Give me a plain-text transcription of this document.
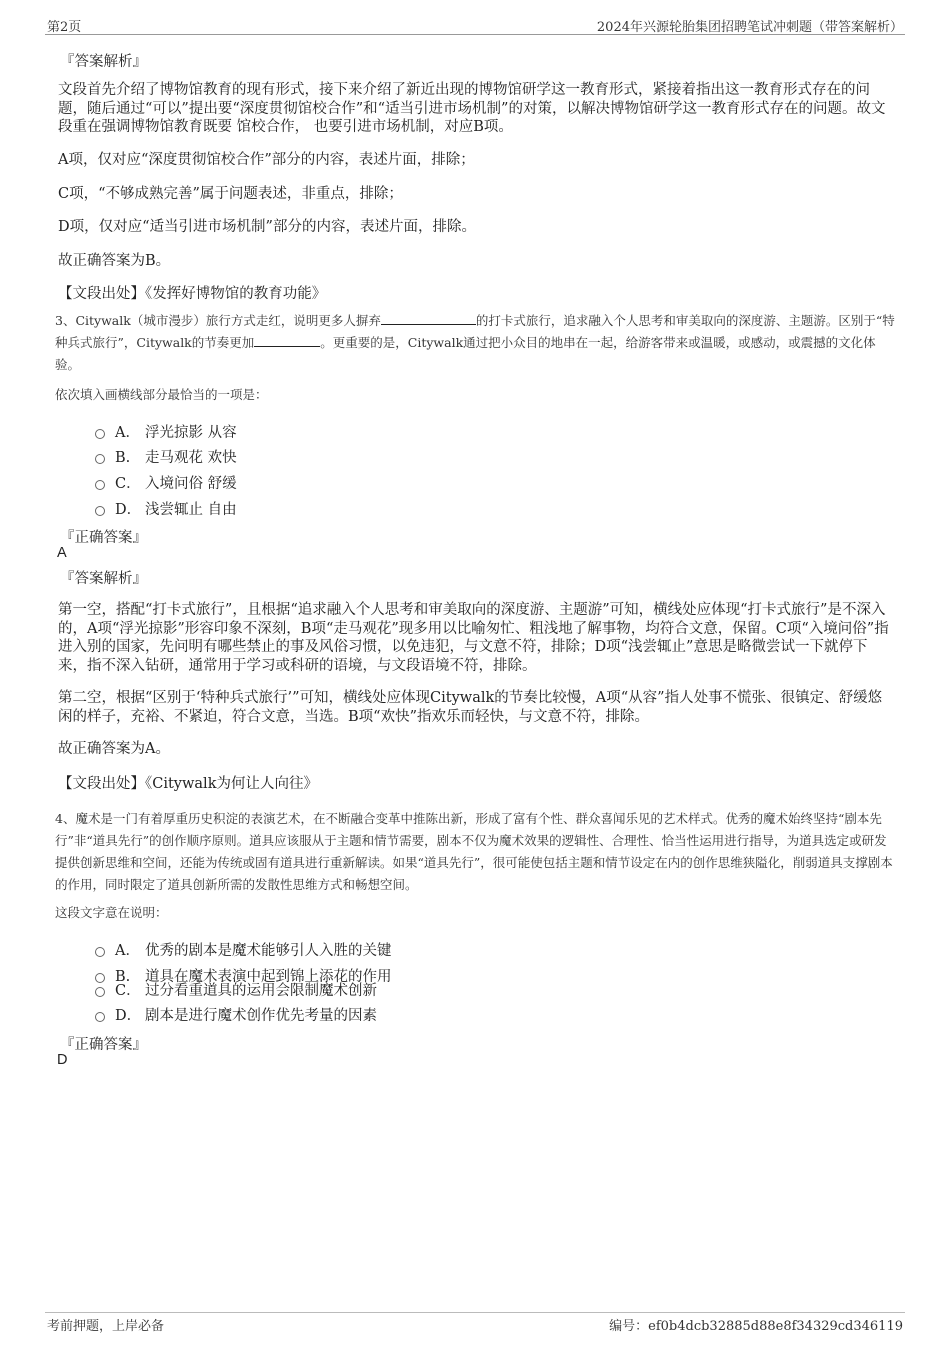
第2页	2024年兴源轮胎集团招聘笔试冲刺题（带答案解析）
『答案解析』
文段首先介绍了博物馆教育的现有形式，接下来介绍了新近出现的博物馆研学这一教育形式，紧接着指出这一教育形式存在的问题，随后通过“可以”提出要“深度贯彻馆校合作”和“适当引进市场机制”的对策，以解决博物馆研学这一教育形式存在的问题。故文段重在强调博物馆教育既要 馆校合作， 也要引进市场机制，对应B项。
A项，仅对应“深度贯彻馆校合作”部分的内容，表述片面，排除；
C项，“不够成熟完善”属于问题表述，非重点，排除；
D项，仅对应“适当引进市场机制”部分的内容，表述片面，排除。
故正确答案为B。
【文段出处】《发挥好博物馆的教育功能》
3、Citywalk（城市漫步）旅行方式走红，说明更多人摒弃	的打卡式旅行，追求融入个人思考和审美取向的深度游、主题游。区别于“特种兵式旅行”，Citywalk的节奏更加	。更重要的是，Citywalk通过把小众目的地串在一起，给游客带来或温暖，或感动，或震撼的文化体验。
依次填入画横线部分最恰当的一项是：
A． 浮光掠影 从容
B. 走马观花 欢快
C． 入境问俗 舒缓
D． 浅尝辄止 自由
『正确答案』
A
『答案解析』
第一空，搭配“打卡式旅行”，且根据“追求融入个人思考和审美取向的深度游、主题游”可知，横线处应体现“打卡式旅行”是不深入的，A项“浮光掠影”形容印象不深刻，B项“走马观花”现多用以比喻匆忙、粗浅地了解事物，均符合文意，保留。C项“入境问俗”指进入别的国家，先问明有哪些禁止的事及风俗习惯，以免违犯，与文意不符，排除；D项“浅尝辄止”意思是略微尝试一下就停下来，指不深入钻研，通常用于学习或科研的语境，与文段语境不符，排除。
第二空，根据“区别于‘特种兵式旅行’”可知，横线处应体现Citywalk的节奏比较慢，A项“从容”指人处事不慌张、很镇定、舒缓悠闲的样子，充裕、不紧迫，符合文意，当选。B项“欢快”指欢乐而轻快，与文意不符，排除。
故正确答案为A。
【文段出处】《Citywalk为何让人向往》
4、魔术是一门有着厚重历史积淀的表演艺术，在不断融合变革中推陈出新，形成了富有个性、群众喜闻乐见的艺术样式。优秀的魔术始终坚持“剧本先行”非“道具先行”的创作顺序原则。道具应该服从于主题和情节需要，剧本不仅为魔术效果的逻辑性、合理性、恰当性运用进行指导，为道具选定或研发提供创新思维和空间，还能为传统或固有道具进行重新解读。如果“道具先行”，很可能使包括主题和情节设定在内的创作思维狭隘化，削弱道具支撑剧本的作用，同时限定了道具创新所需的发散性思维方式和畅想空间。
这段文字意在说明：
A． 优秀的剧本是魔术能够引人入胜的关键
B. 道具在魔术表演中起到锦上添花的作用
C． 过分看重道具的运用会限制魔术创新
D． 剧本是进行魔术创作优先考量的因素
『正确答案』
D
考前押题，上岸必备	编号：ef0b4dcb32885d88e8f34329cd346119
